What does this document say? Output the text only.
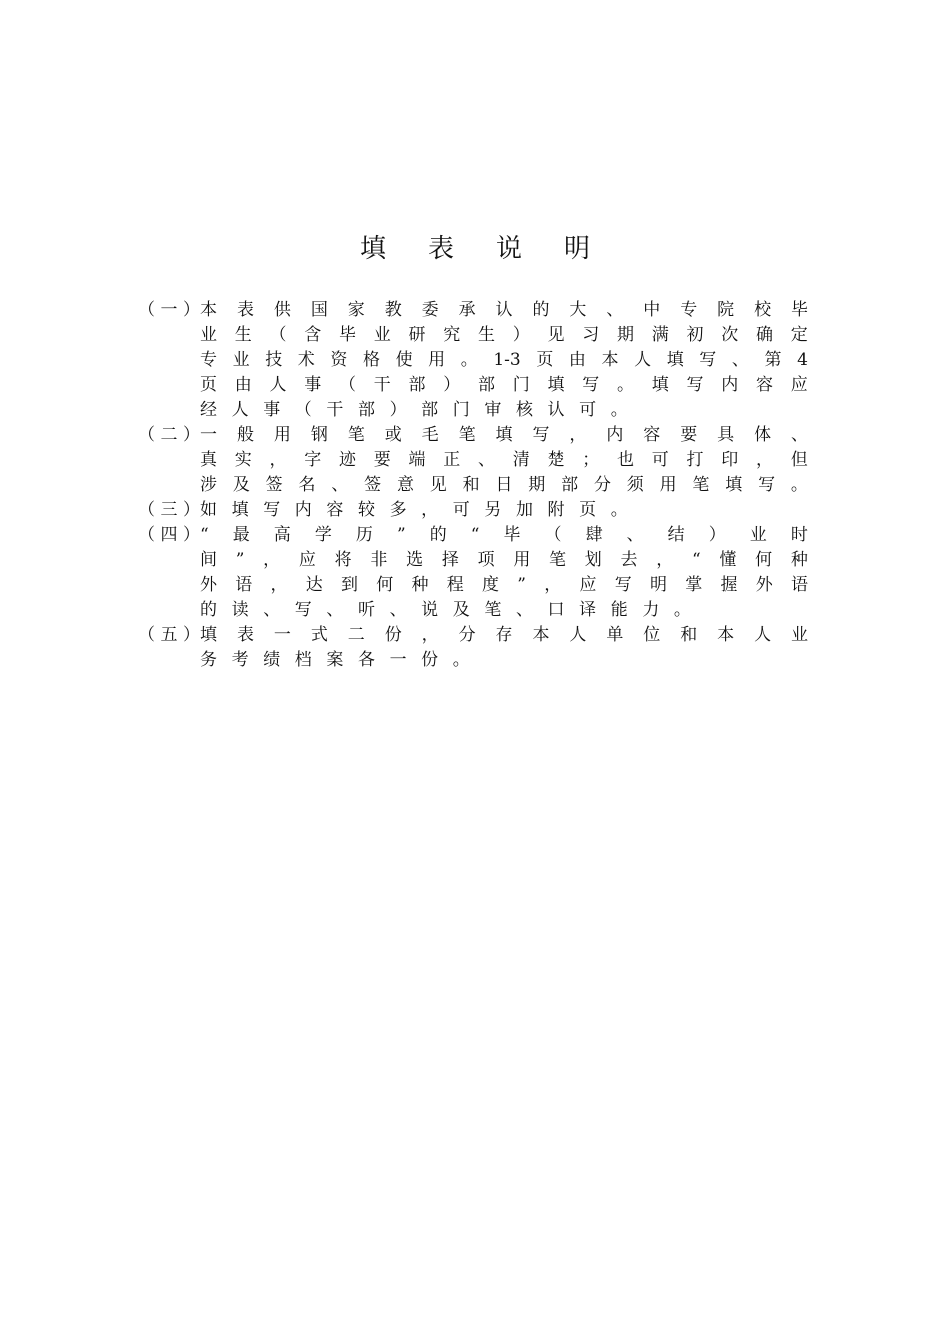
填 表 说 明
（ 一 ） 本 表 供 国 家 教 委 承 认 的 大 、 中 专 院 校 毕
业 生 （ 含 毕 业 研 究 生 ） 见 习 期 满 初 次 确 定
专 业 技 术 资 格 使 用 。 1-3 页 由 本 人 填 写 、 第 4
页 由 人 事 （ 干 部 ） 部 门 填 写 。 填 写 内 容 应
经 人 事 （ 干 部 ） 部 门 审 核 认 可 。
（ 二 ） 一 般 用 钢 笔 或 毛 笔 填 写 ， 内 容 要 具 体 、
真 实 ， 字 迹 要 端 正 、 清 楚 ； 也 可 打 印 ， 但
涉 及 签 名 、 签 意 见 和 日 期 部 分 须 用 笔 填 写 。
（ 三 ） 如 填 写 内 容 较 多 ， 可 另 加 附 页 。
（ 四 ） “ 最 高 学 历 ” 的 “ 毕 （ 肆 、 结 ） 业 时
间 ” ， 应 将 非 选 择 项 用 笔 划 去 ， “ 懂 何 种
外 语 ， 达 到 何 种 程 度 ” ， 应 写 明 掌 握 外 语
的 读 、 写 、 听 、 说 及 笔 、 口 译 能 力 。
（ 五 ） 填 表 一 式 二 份 ， 分 存 本 人 单 位 和 本 人 业
务 考 绩 档 案 各 一 份 。
